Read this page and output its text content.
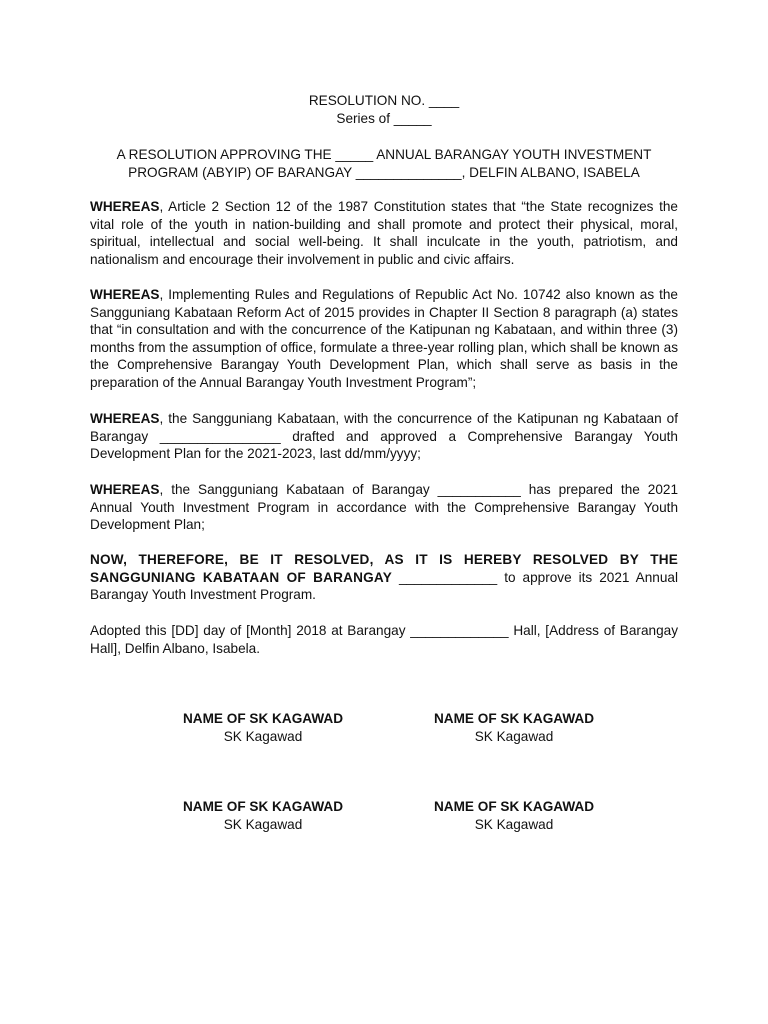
RESOLUTION NO. ____
Series of _____
A RESOLUTION APPROVING THE _____ ANNUAL BARANGAY YOUTH INVESTMENT
PROGRAM (ABYIP) OF BARANGAY ______________, DELFIN ALBANO, ISABELA

WHEREAS, Article 2 Section 12 of the 1987 Constitution states that “the State recognizes the vital role of the youth in nation-building and shall promote and protect their physical, moral, spiritual, intellectual and social well-being. It shall inculcate in the youth, patriotism, and nationalism and encourage their involvement in public and civic affairs.

WHEREAS, Implementing Rules and Regulations of Republic Act No. 10742 also known as the Sangguniang Kabataan Reform Act of 2015 provides in Chapter II Section 8 paragraph (a) states that “in consultation and with the concurrence of the Katipunan ng Kabataan, and within three (3) months from the assumption of office, formulate a three-year rolling plan, which shall be known as the Comprehensive Barangay Youth Development Plan, which shall serve as basis in the preparation of the Annual Barangay Youth Investment Program”;

WHEREAS, the Sangguniang Kabataan, with the concurrence of the Katipunan ng Kabataan of Barangay ________________ drafted and approved a Comprehensive Barangay Youth Development Plan for the 2021-2023, last dd/mm/yyyy;

WHEREAS, the Sangguniang Kabataan of Barangay ___________ has prepared the 2021 Annual Youth Investment Program in accordance with the Comprehensive Barangay Youth Development Plan;

NOW, THEREFORE, BE IT RESOLVED, AS IT IS HEREBY RESOLVED BY THE SANGGUNIANG KABATAAN OF BARANGAY _____________ to approve its 2021 Annual Barangay Youth Investment Program.

Adopted this [DD] day of [Month] 2018 at Barangay _____________ Hall, [Address of Barangay Hall], Delfin Albano, Isabela.

NAME OF SK KAGAWAD
SK Kagawad
NAME OF SK KAGAWAD
SK Kagawad
NAME OF SK KAGAWAD
SK Kagawad
NAME OF SK KAGAWAD
SK Kagawad
